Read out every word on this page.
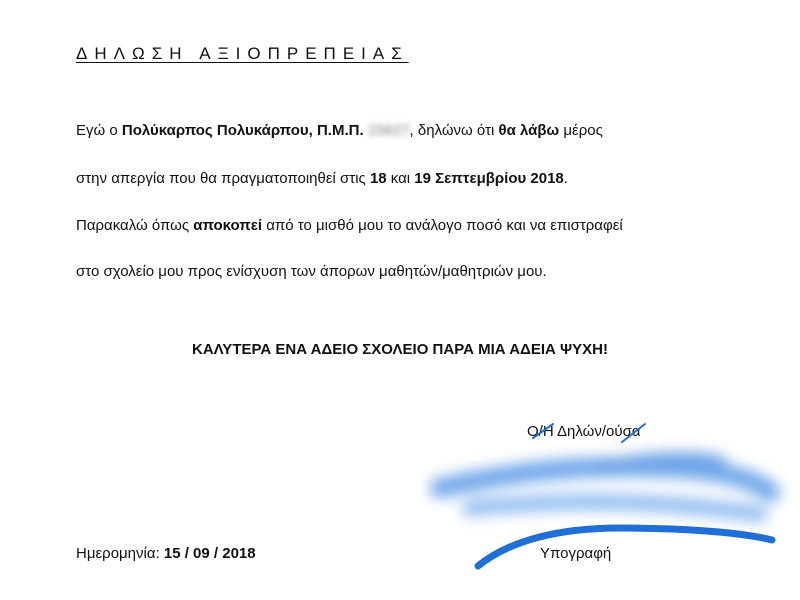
ΔΗΛΩΣΗ ΑΞΙΟΠΡΕΠΕΙΑΣ
Εγώ ο Πολύκαρπος Πολυκάρπου, Π.Μ.Π. 15627, δηλώνω ότι θα λάβω μέρος
στην απεργία που θα πραγματοποιηθεί στις 18 και 19 Σεπτεμβρίου 2018.
Παρακαλώ όπως αποκοπεί από το μισθό μου το ανάλογο ποσό και να επιστραφεί
στο σχολείο μου προς ενίσχυση των άπορων μαθητών/μαθητριών μου.
ΚΑΛΥΤΕΡΑ ΕΝΑ ΑΔΕΙΟ ΣΧΟΛΕΙΟ ΠΑΡΑ ΜΙΑ ΑΔΕΙΑ ΨΥΧΗ!
Ο/Η Δηλών/ούσα
Ημερομηνία: 15 / 09 / 2018	Υπογραφή
